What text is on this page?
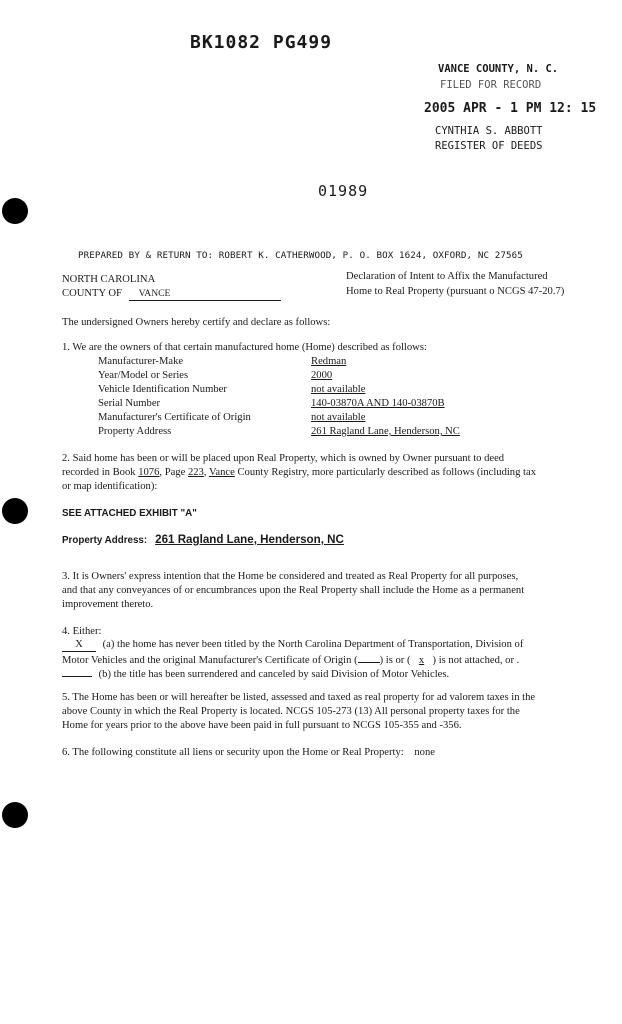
BK1082 PG499
VANCE COUNTY, N. C.
FILED FOR RECORD
2005 APR - 1 PM 12: 15
CYNTHIA S. ABBOTT
REGISTER OF DEEDS
01989
PREPARED BY & RETURN TO: ROBERT K. CATHERWOOD, P. O. BOX 1624, OXFORD, NC 27565
NORTH CAROLINA
COUNTY OF VANCE
Declaration of Intent to Affix the Manufactured
Home to Real Property (pursuant o NCGS 47-20.7)
The undersigned Owners hereby certify and declare as follows:
1. We are the owners of that certain manufactured home (Home) described as follows:
Manufacturer-Make	Redman
Year/Model or Series	2000
Vehicle Identification Number	not available
Serial Number	140-03870A AND 140-03870B
Manufacturer's Certificate of Origin	not available
Property Address	261 Ragland Lane, Henderson, NC
2. Said home has been or will be placed upon Real Property, which is owned by Owner pursuant to deed
recorded in Book 1076, Page 223, Vance County Registry, more particularly described as follows (including tax
or map identification):
SEE ATTACHED EXHIBIT "A"
Property Address: 261 Ragland Lane, Henderson, NC
3. It is Owners' express intention that the Home be considered and treated as Real Property for all purposes,
and that any conveyances of or encumbrances upon the Real Property shall include the Home as a permanent
improvement thereto.
4. Either:
X (a) the home has never been titled by the North Carolina Department of Transportation, Division of
Motor Vehicles and the original Manufacturer's Certificate of Origin ( ) is or ( x ) is not attached, or .
(b) the title has been surrendered and canceled by said Division of Motor Vehicles.
5. The Home has been or will hereafter be listed, assessed and taxed as real property for ad valorem taxes in the
above County in which the Real Property is located. NCGS 105-273 (13) All personal property taxes for the
Home for years prior to the above have been paid in full pursuant to NCGS 105-355 and -356.
6. The following constitute all liens or security upon the Home or Real Property: none
